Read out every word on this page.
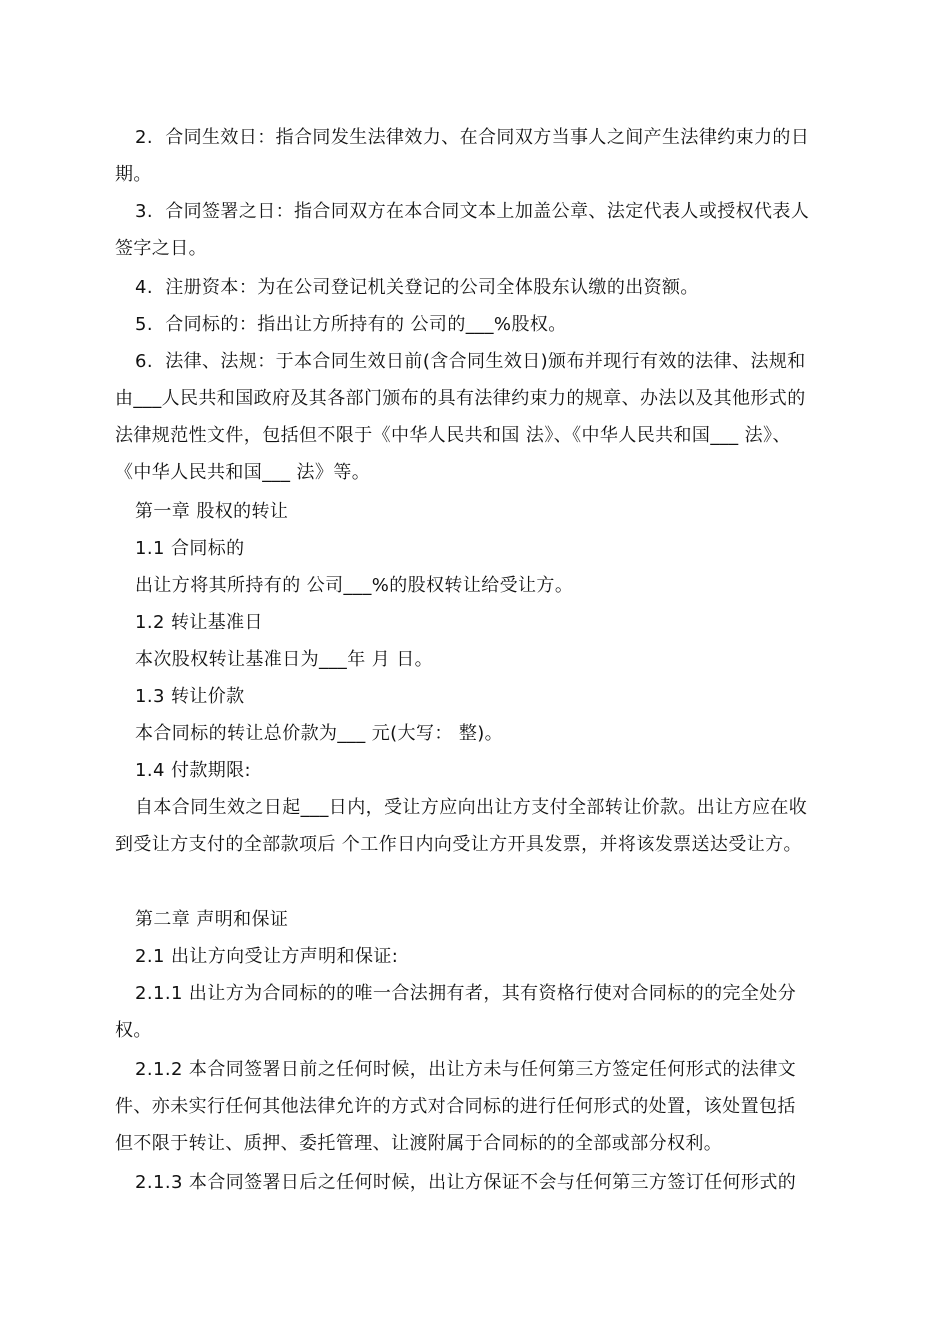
2.  合同生效日：指合同发生法律效力、在合同双方当事人之间产生法律约束力的日

期。

3.  合同签署之日：指合同双方在本合同文本上加盖公章、法定代表人或授权代表人

签字之日。

4.  注册资本：为在公司登记机关登记的公司全体股东认缴的出资额。

5.  合同标的：指出让方所持有的 公司的___%股权。

6.  法律、法规：于本合同生效日前(含合同生效日)颁布并现行有效的法律、法规和

由___人民共和国政府及其各部门颁布的具有法律约束力的规章、办法以及其他形式的

法律规范性文件，包括但不限于《中华人民共和国 法》、《中华人民共和国___ 法》、

《中华人民共和国___ 法》等。

第一章 股权的转让

1.1 合同标的

出让方将其所持有的 公司___%的股权转让给受让方。

1.2 转让基准日

本次股权转让基准日为___年 月 日。

1.3 转让价款

本合同标的转让总价款为___ 元(大写： 整)。

1.4 付款期限:

自本合同生效之日起___日内，受让方应向出让方支付全部转让价款。出让方应在收

到受让方支付的全部款项后 个工作日内向受让方开具发票，并将该发票送达受让方。

第二章 声明和保证

2.1 出让方向受让方声明和保证:

2.1.1 出让方为合同标的的唯一合法拥有者，其有资格行使对合同标的的完全处分

权。

2.1.2 本合同签署日前之任何时候，出让方未与任何第三方签定任何形式的法律文

件、亦未实行任何其他法律允许的方式对合同标的进行任何形式的处置，该处置包括

但不限于转让、质押、委托管理、让渡附属于合同标的的全部或部分权利。

2.1.3 本合同签署日后之任何时候，出让方保证不会与任何第三方签订任何形式的
